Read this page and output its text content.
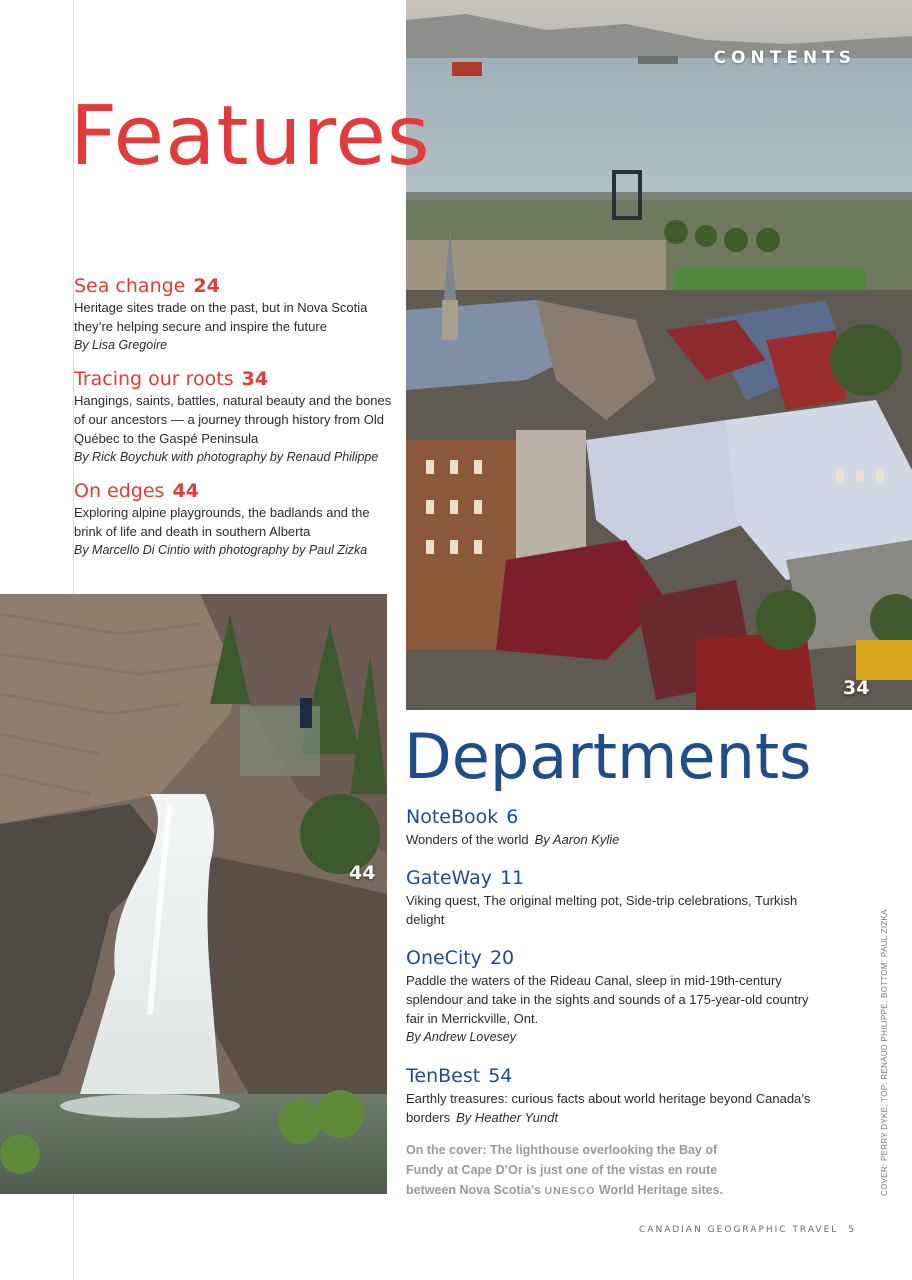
CONTENTS
34
Features
Sea change 24
Heritage sites trade on the past, but in Nova Scotia they’re helping secure and inspire the future
By Lisa Gregoire
Tracing our roots 34
Hangings, saints, battles, natural beauty and the bones of our ancestors — a journey through history from Old Québec to the Gaspé Peninsula
By Rick Boychuk with photography by Renaud Philippe
On edges 44
Exploring alpine playgrounds, the badlands and the brink of life and death in southern Alberta
By Marcello Di Cintio with photography by Paul Zizka
44
Departments
NoteBook 6
Wonders of the world By Aaron Kylie
GateWay 11
Viking quest, The original melting pot, Side-trip celebrations, Turkish delight
OneCity 20
Paddle the waters of the Rideau Canal, sleep in mid-19th-century splendour and take in the sights and sounds of a 175-year-old country fair in Merrickville, Ont.
By Andrew Lovesey
TenBest 54
Earthly treasures: curious facts about world heritage beyond Canada’s borders By Heather Yundt
On the cover: The lighthouse overlooking the Bay of Fundy at Cape D’Or is just one of the vistas en route between Nova Scotia’s UNESCO World Heritage sites.	COVER: PERRY DYKE; TOP: RENAUD PHILIPPE; BOTTOM: PAUL ZIZKA
CANADIAN GEOGRAPHIC TRAVEL 5
